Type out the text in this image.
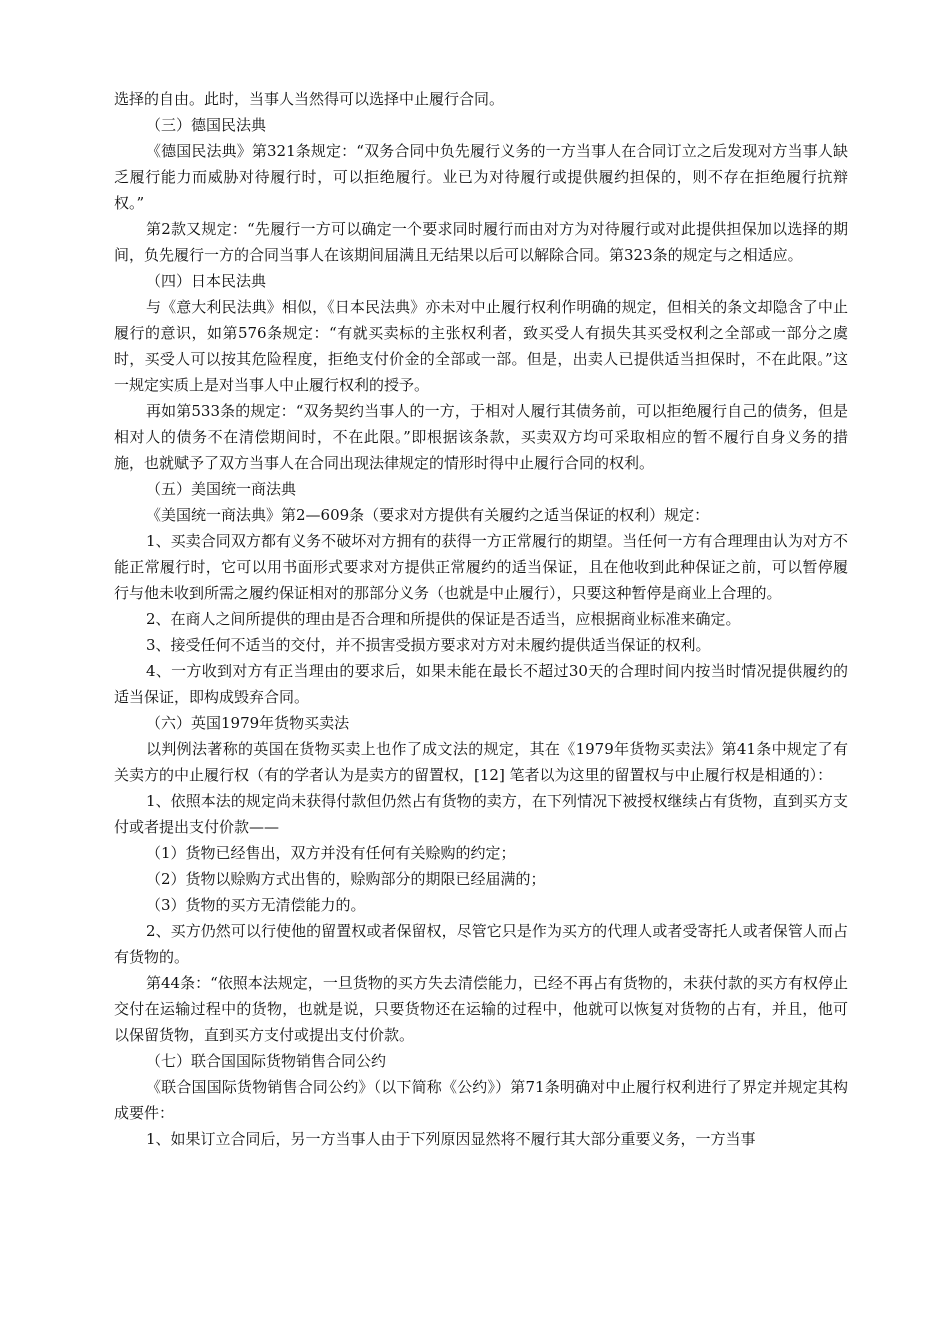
选择的自由。此时，当事人当然得可以选择中止履行合同。

（三）德国民法典

《德国民法典》第321条规定：“双务合同中负先履行义务的一方当事人在合同订立之后发现对方当事人缺乏履行能力而威胁对待履行时，可以拒绝履行。业已为对待履行或提供履约担保的，则不存在拒绝履行抗辩权。”

第2款又规定：“先履行一方可以确定一个要求同时履行而由对方为对待履行或对此提供担保加以选择的期间，负先履行一方的合同当事人在该期间届满且无结果以后可以解除合同。第323条的规定与之相适应。

（四）日本民法典

与《意大利民法典》相似，《日本民法典》亦未对中止履行权利作明确的规定，但相关的条文却隐含了中止履行的意识，如第576条规定：“有就买卖标的主张权利者，致买受人有损失其买受权利之全部或一部分之虞时，买受人可以按其危险程度，拒绝支付价金的全部或一部。但是，出卖人已提供适当担保时，不在此限。”这一规定实质上是对当事人中止履行权利的授予。

再如第533条的规定：“双务契约当事人的一方，于相对人履行其债务前，可以拒绝履行自己的债务，但是相对人的债务不在清偿期间时，不在此限。”即根据该条款，买卖双方均可采取相应的暂不履行自身义务的措施，也就赋予了双方当事人在合同出现法律规定的情形时得中止履行合同的权利。

（五）美国统一商法典

《美国统一商法典》第2—609条（要求对方提供有关履约之适当保证的权利）规定：

1、买卖合同双方都有义务不破坏对方拥有的获得一方正常履行的期望。当任何一方有合理理由认为对方不能正常履行时，它可以用书面形式要求对方提供正常履约的适当保证，且在他收到此种保证之前，可以暂停履行与他未收到所需之履约保证相对的那部分义务（也就是中止履行），只要这种暂停是商业上合理的。

2、在商人之间所提供的理由是否合理和所提供的保证是否适当，应根据商业标准来确定。

3、接受任何不适当的交付，并不损害受损方要求对方对未履约提供适当保证的权利。

4、一方收到对方有正当理由的要求后，如果未能在最长不超过30天的合理时间内按当时情况提供履约的适当保证，即构成毁弃合同。

（六）英国1979年货物买卖法

以判例法著称的英国在货物买卖上也作了成文法的规定，其在《1979年货物买卖法》第41条中规定了有关卖方的中止履行权（有的学者认为是卖方的留置权，[12] 笔者以为这里的留置权与中止履行权是相通的）：

1、依照本法的规定尚未获得付款但仍然占有货物的卖方，在下列情况下被授权继续占有货物，直到买方支付或者提出支付价款——

（1）货物已经售出，双方并没有任何有关赊购的约定；

（2）货物以赊购方式出售的，赊购部分的期限已经届满的；

（3）货物的买方无清偿能力的。

2、买方仍然可以行使他的留置权或者保留权，尽管它只是作为买方的代理人或者受寄托人或者保管人而占有货物的。

第44条：“依照本法规定，一旦货物的买方失去清偿能力，已经不再占有货物的，未获付款的买方有权停止交付在运输过程中的货物，也就是说，只要货物还在运输的过程中，他就可以恢复对货物的占有，并且，他可以保留货物，直到买方支付或提出支付价款。

（七）联合国国际货物销售合同公约

《联合国国际货物销售合同公约》（以下简称《公约》）第71条明确对中止履行权利进行了界定并规定其构成要件：

1、如果订立合同后，另一方当事人由于下列原因显然将不履行其大部分重要义务，一方当事
